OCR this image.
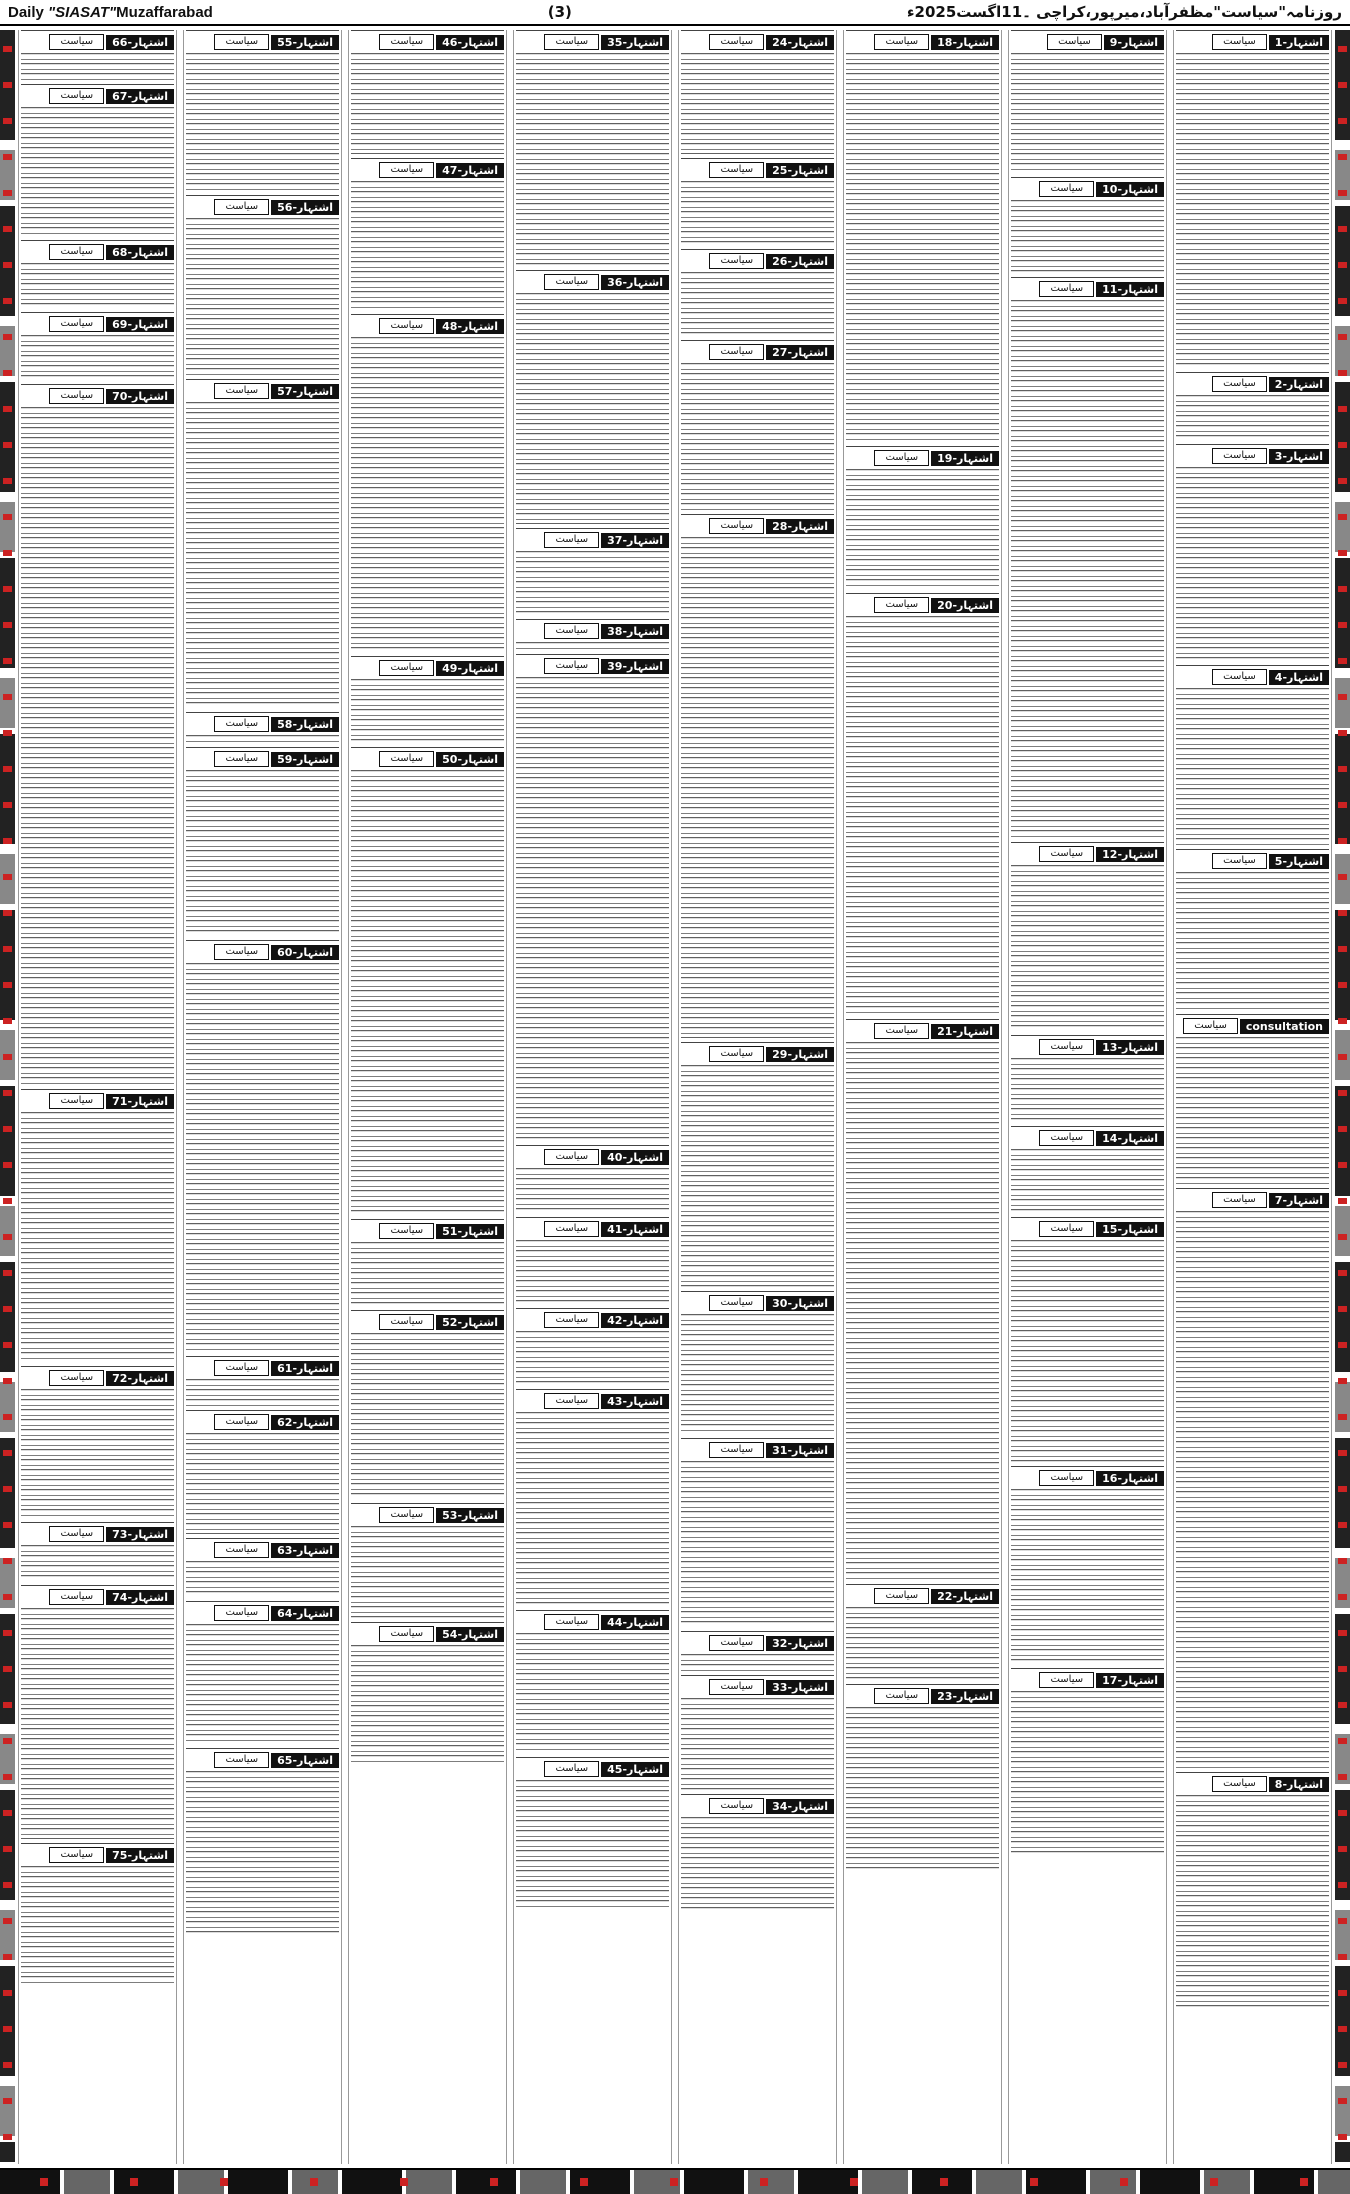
Daily "SIASAT"Muzaffarabad	(3)	روزنامہ"سیاست"مظفرآباد،میرپور،کراچی ۔11اگست2025ء
سیاست	اشتہار-1
سیاست	اشتہار-2
سیاست	اشتہار-3
سیاست	اشتہار-4
سیاست	اشتہار-5
سیاست	consultation
سیاست	اشتہار-7
سیاست	اشتہار-8
سیاست	اشتہار-9
سیاست	اشتہار-10
سیاست	اشتہار-11
سیاست	اشتہار-12
سیاست	اشتہار-13
سیاست	اشتہار-14
سیاست	اشتہار-15
سیاست	اشتہار-16
سیاست	اشتہار-17
سیاست	اشتہار-18
سیاست	اشتہار-19
سیاست	اشتہار-20
سیاست	اشتہار-21
سیاست	اشتہار-22
سیاست	اشتہار-23
سیاست	اشتہار-24
سیاست	اشتہار-25
سیاست	اشتہار-26
سیاست	اشتہار-27
سیاست	اشتہار-28
سیاست	اشتہار-29
سیاست	اشتہار-30
سیاست	اشتہار-31
سیاست	اشتہار-32
سیاست	اشتہار-33
سیاست	اشتہار-34
سیاست	اشتہار-35
سیاست	اشتہار-36
سیاست	اشتہار-37
سیاست	اشتہار-38
سیاست	اشتہار-39
سیاست	اشتہار-40
سیاست	اشتہار-41
سیاست	اشتہار-42
سیاست	اشتہار-43
سیاست	اشتہار-44
سیاست	اشتہار-45
سیاست	اشتہار-46
سیاست	اشتہار-47
سیاست	اشتہار-48
سیاست	اشتہار-49
سیاست	اشتہار-50
سیاست	اشتہار-51
سیاست	اشتہار-52
سیاست	اشتہار-53
سیاست	اشتہار-54
سیاست	اشتہار-55
سیاست	اشتہار-56
سیاست	اشتہار-57
سیاست	اشتہار-58
سیاست	اشتہار-59
سیاست	اشتہار-60
سیاست	اشتہار-61
سیاست	اشتہار-62
سیاست	اشتہار-63
سیاست	اشتہار-64
سیاست	اشتہار-65
سیاست	اشتہار-66
سیاست	اشتہار-67
سیاست	اشتہار-68
سیاست	اشتہار-69
سیاست	اشتہار-70
سیاست	اشتہار-71
سیاست	اشتہار-72
سیاست	اشتہار-73
سیاست	اشتہار-74
سیاست	اشتہار-75
